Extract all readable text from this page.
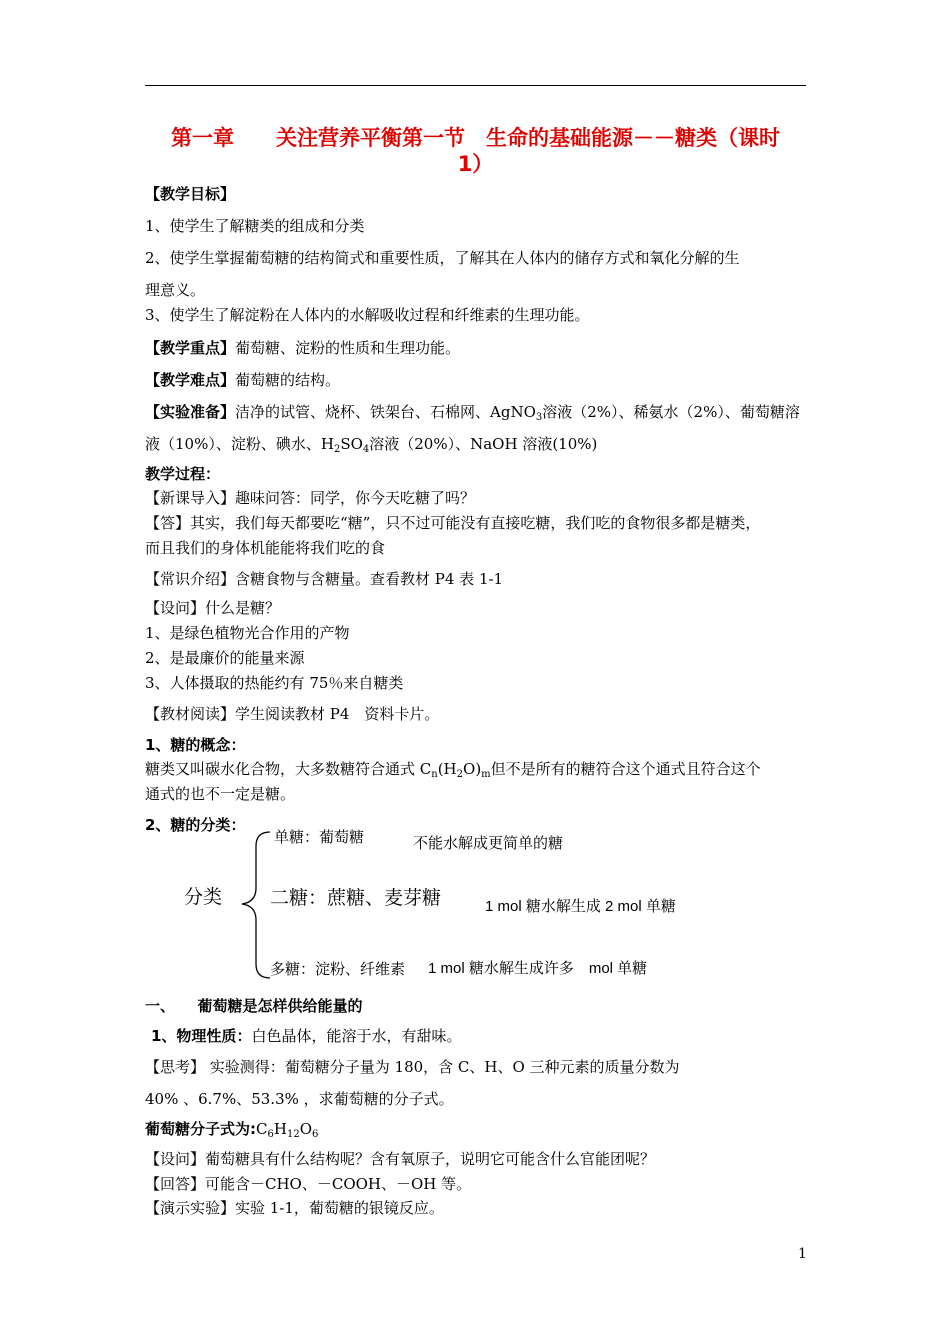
第一章　　关注营养平衡第一节　生命的基础能源－－糖类（课时
1）
【教学目标】
1、使学生了解糖类的组成和分类
2、使学生掌握葡萄糖的结构简式和重要性质，了解其在人体内的储存方式和氧化分解的生
理意义。
3、使学生了解淀粉在人体内的水解吸收过程和纤维素的生理功能。
【教学重点】葡萄糖、淀粉的性质和生理功能。
【教学难点】葡萄糖的结构。
【实验准备】洁净的试管、烧杯、铁架台、石棉网、AgNO$_3$溶液（2%）、稀氨水（2%）、葡萄糖溶
液（10%）、淀粉、碘水、$H_2SO_4$溶液（20%）、NaOH 溶液(10%)
教学过程：
【新课导入】趣味问答：同学，你今天吃糖了吗？
【答】其实，我们每天都要吃“糖”，只不过可能没有直接吃糖，我们吃的食物很多都是糖类，
而且我们的身体机能能将我们吃的食
【常识介绍】含糖食物与含糖量。查看教材 P4 表 1-1
【设问】什么是糖？
1、是绿色植物光合作用的产物
2、是最廉价的能量来源
3、人体摄取的热能约有 75％来自糖类
【教材阅读】学生阅读教材 P4　资料卡片。
1、糖的概念：
糖类又叫碳水化合物，大多数糖符合通式 $C_n(H_2O)_m$但不是所有的糖符合这个通式且符合这个
通式的也不一定是糖。
2、糖的分类：
分类
单糖：葡萄糖	不能水解成更简单的糖
二糖：蔗糖、麦芽糖	1 mol 糖水解生成 2 mol 单糖
多糖：淀粉、纤维素 1 mol 糖水解生成许多　mol 单糖
一、　　葡萄糖是怎样供给能量的
1、物理性质：白色晶体，能溶于水，有甜味。
【思考】 实验测得：葡萄糖分子量为 180，含 C、H、O 三种元素的质量分数为
40% 、6.7%、53.3% ，求葡萄糖的分子式。
葡萄糖分子式为$:C_6H_{12}O_6$
【设问】葡萄糖具有什么结构呢？含有氧原子，说明它可能含什么官能团呢？
【回答】可能含－CHO、－COOH、－OH 等。
【演示实验】实验 1-1，葡萄糖的银镜反应。
1
